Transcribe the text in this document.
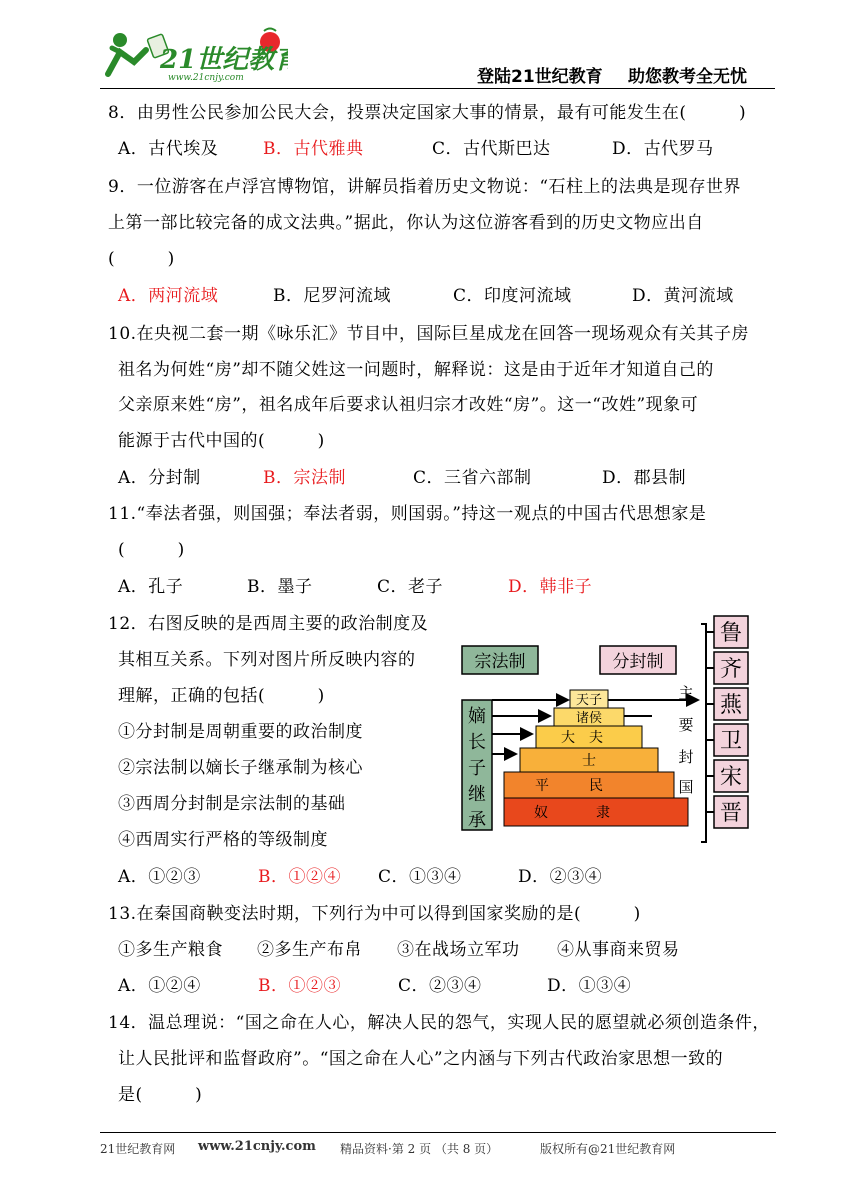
21世纪教育
www.21cnjy.com	登陆21世纪教育 助您教考全无忧
8．由男性公民参加公民大会，投票决定国家大事的情景，最有可能发生在(　　　)
A．古代埃及	B．古代雅典	C．古代斯巴达	D．古代罗马
9．一位游客在卢浮宫博物馆，讲解员指着历史文物说：“石柱上的法典是现存世界
上第一部比较完备的成文法典。”据此，你认为这位游客看到的历史文物应出自
(　　　)
A．两河流域	B．尼罗河流域	C．印度河流域	D．黄河流域
10.在央视二套一期《咏乐汇》节目中，国际巨星成龙在回答一现场观众有关其子房
祖名为何姓“房”却不随父姓这一问题时，解释说：这是由于近年才知道自己的
父亲原来姓“房”，祖名成年后要求认祖归宗才改姓“房”。这一“改姓”现象可
能源于古代中国的(　　　)
A．分封制	B．宗法制	C．三省六部制	D．郡县制
11.“奉法者强，则国强；奉法者弱，则国弱。”持这一观点的中国古代思想家是
(　　　)
A．孔子	B．墨子	C．老子	D．韩非子
12．右图反映的是西周主要的政治制度及
其相互关系。下列对图片所反映内容的
理解，正确的包括(　　　)
①分封制是周朝重要的政治制度
②宗法制以嫡长子继承制为核心
③西周分封制是宗法制的基础
④西周实行严格的等级制度
A．①②③	B．①②④ C．①③④	D．②③④
宗法制	分封制
嫡
长
子
继
承
天子
诸侯
大夫
士
平民
奴隶
主
要
封
国
鲁
齐
燕
卫
宋
晋
13.在秦国商鞅变法时期，下列行为中可以得到国家奖励的是(　　　)
①多生产粮食 ②多生产布帛 ③在战场立军功 ④从事商来贸易
A．①②④	B．①②③	C．②③④	D．①③④
14．温总理说：“国之命在人心，解决人民的怨气，实现人民的愿望就必须创造条件，
让人民批评和监督政府”。“国之命在人心”之内涵与下列古代政治家思想一致的
是(　　　)
21世纪教育网 www.21cnjy.com 精品资料·第 2 页 （共 8 页）	版权所有@21世纪教育网
